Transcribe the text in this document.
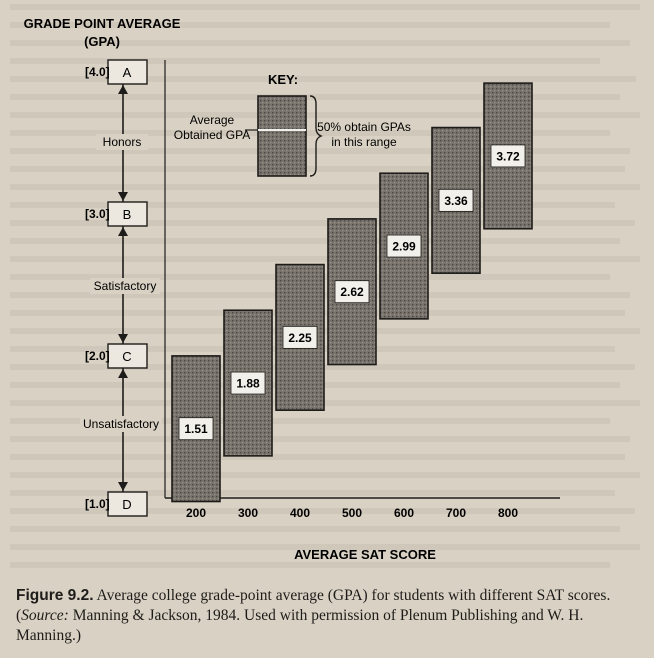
GRADE POINT AVERAGE
(GPA)
A
[4.0]
B
[3.0]
C
[2.0]
D
[1.0]
Honors
Satisfactory
Unsatisfactory
KEY:
Average
Obtained GPA
50% obtain GPAs
in this range
1.51
1.88
2.25
2.62
2.99
3.36
3.72
200	300	400	500	600	700	800
AVERAGE SAT SCORE
Figure 9.2. Average college grade-point average (GPA) for students with different SAT scores. (Source: Manning & Jackson, 1984. Used with permission of Plenum Publishing and W. H. Manning.)
